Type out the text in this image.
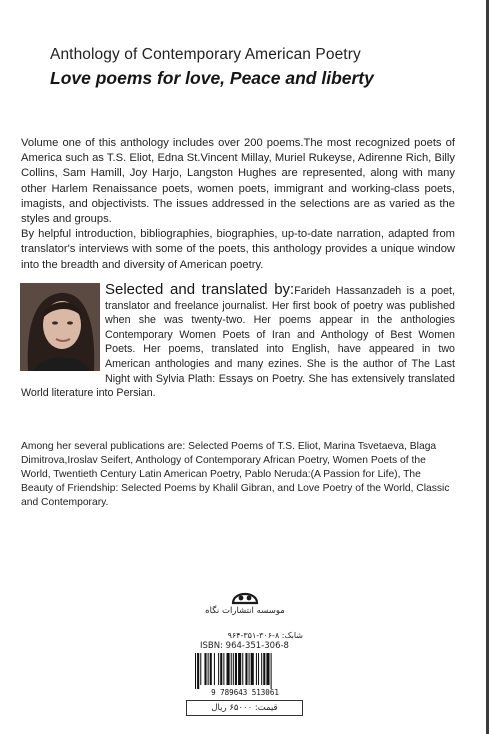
Anthology of Contemporary American Poetry
Love poems for love, Peace and liberty

Volume one of this anthology includes over 200 poems.The most recognized poets of America such as T.S. Eliot, Edna St.Vincent Millay, Muriel Rukeyse, Adirenne Rich, Billy Collins, Sam Hamill, Joy Harjo, Langston Hughes are represented, along with many other Harlem Renaissance poets, women poets, immigrant and working-class poets, imagists, and objectivists. The issues addressed in the selections are as varied as the styles and groups.

By helpful introduction, bibliographies, biographies, up-to-date narration, adapted from translator's interviews with some of the poets, this anthology provides a unique window into the breadth and diversity of American poetry.

Selected and translated by:Farideh Hassanzadeh is a poet, translator and freelance journalist. Her first book of poetry was published when she was twenty-two. Her poems appear in the anthologies Contemporary Women Poets of Iran and Anthology of Best Women Poets. Her poems, translated into English, have appeared in two American anthologies and many ezines. She is the author of The Last Night with Sylvia Plath: Essays on Poetry. She has extensively translated World literature into Persian.
Among her several publications are: Selected Poems of T.S. Eliot, Marina Tsvetaeva, Blaga Dimitrova,Iroslav Seifert, Anthology of Contemporary African Poetry, Women Poets of the World, Twentieth Century Latin American Poetry, Pablo Neruda:(A Passion for Life), The Beauty of Friendship: Selected Poems by Khalil Gibran, and Love Poetry of the World, Classic and Contemporary.
موسسه انتشارات نگاه
شابک: ۸-۳۰۶-۳۵۱-۹۶۴
ISBN: 964-351-306-8
9 789643 513061
قیمت: ۶۵۰۰۰ ریال
